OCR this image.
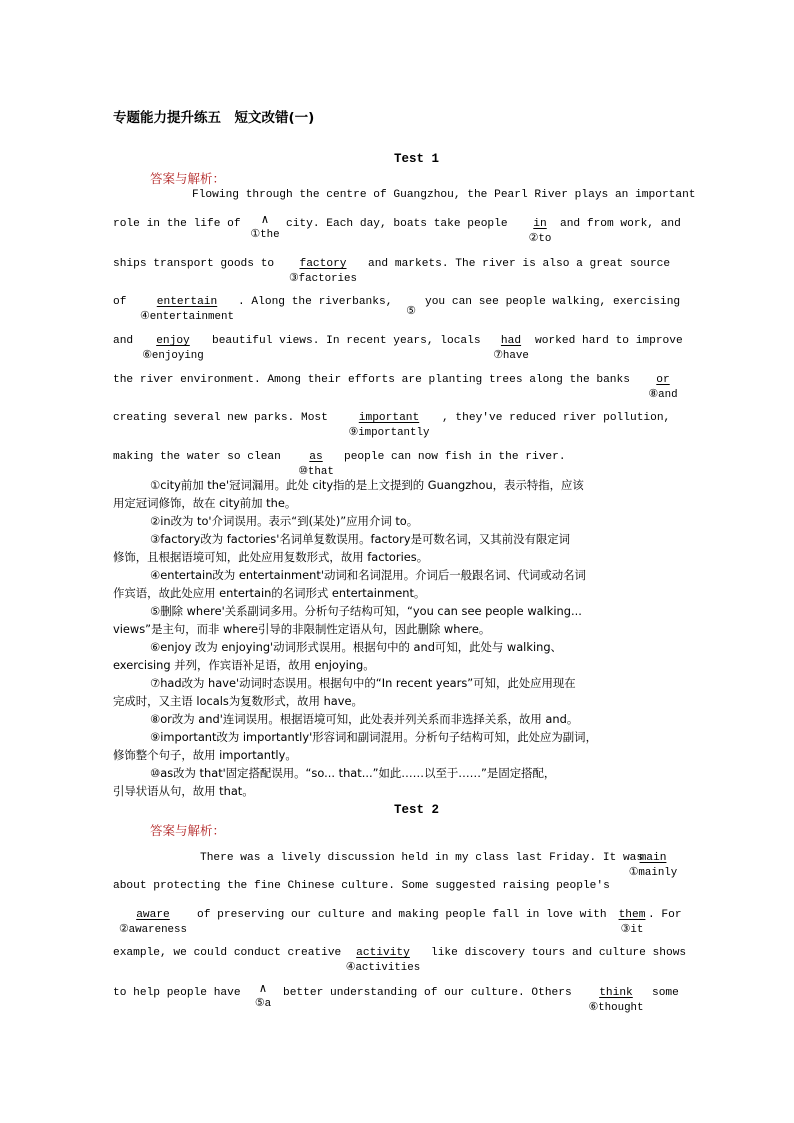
专题能力提升练五　短文改错(一)
Test 1
答案与解析：
Flowing through the centre of Guangzhou, the Pearl River plays an important
role in the life of	∧
①the
city. Each day, boats take people	in
②to
and from work, and
ships transport goods to	factory
③factories
and markets. The river is also a great source
of	entertain
④entertainment
. Along the riverbanks,
⑤
you can see people walking, exercising
and	enjoy
⑥enjoying
beautiful views. In recent years, locals	had
⑦have
worked hard to improve
the river environment. Among their efforts are planting trees along the banks	or
⑧and
creating several new parks. Most	important
⑨importantly
, they've reduced river pollution,
making the water so clean	as
⑩that
people can now fish in the river.
①city前加 the'冠词漏用。此处 city指的是上文提到的 Guangzhou，表示特指，应该
用定冠词修饰，故在 city前加 the。
②in改为 to'介词误用。表示“到(某处)”应用介词 to。
③factory改为 factories'名词单复数误用。factory是可数名词，又其前没有限定词
修饰，且根据语境可知，此处应用复数形式，故用 factories。
④entertain改为 entertainment'动词和名词混用。介词后一般跟名词、代词或动名词
作宾语，故此处应用 entertain的名词形式 entertainment。
⑤删除 where'关系副词多用。分析句子结构可知，“you can see people walking...
views”是主句，而非 where引导的非限制性定语从句，因此删除 where。
⑥enjoy 改为 enjoying'动词形式误用。根据句中的 and可知，此处与 walking、
exercising 并列，作宾语补足语，故用 enjoying。
⑦had改为 have'动词时态误用。根据句中的“In recent years”可知，此处应用现在
完成时，又主语 locals为复数形式，故用 have。
⑧or改为 and'连词误用。根据语境可知，此处表并列关系而非选择关系，故用 and。
⑨important改为 importantly'形容词和副词混用。分析句子结构可知，此处应为副词，
修饰整个句子，故用 importantly。
⑩as改为 that'固定搭配误用。“so... that...”如此……以至于……”是固定搭配，
引导状语从句，故用 that。
Test 2
答案与解析：
There was a lively discussion held in my class last Friday. It was
main
①mainly
about protecting the fine Chinese culture. Some suggested raising people's
aware
②awareness
of preserving our culture and making people fall in love with	them
③it
. For
example, we could conduct creative	activity
④activities
like discovery tours and culture shows
to help people have	∧
⑤a
better understanding of our culture. Others	think
⑥thought
some
